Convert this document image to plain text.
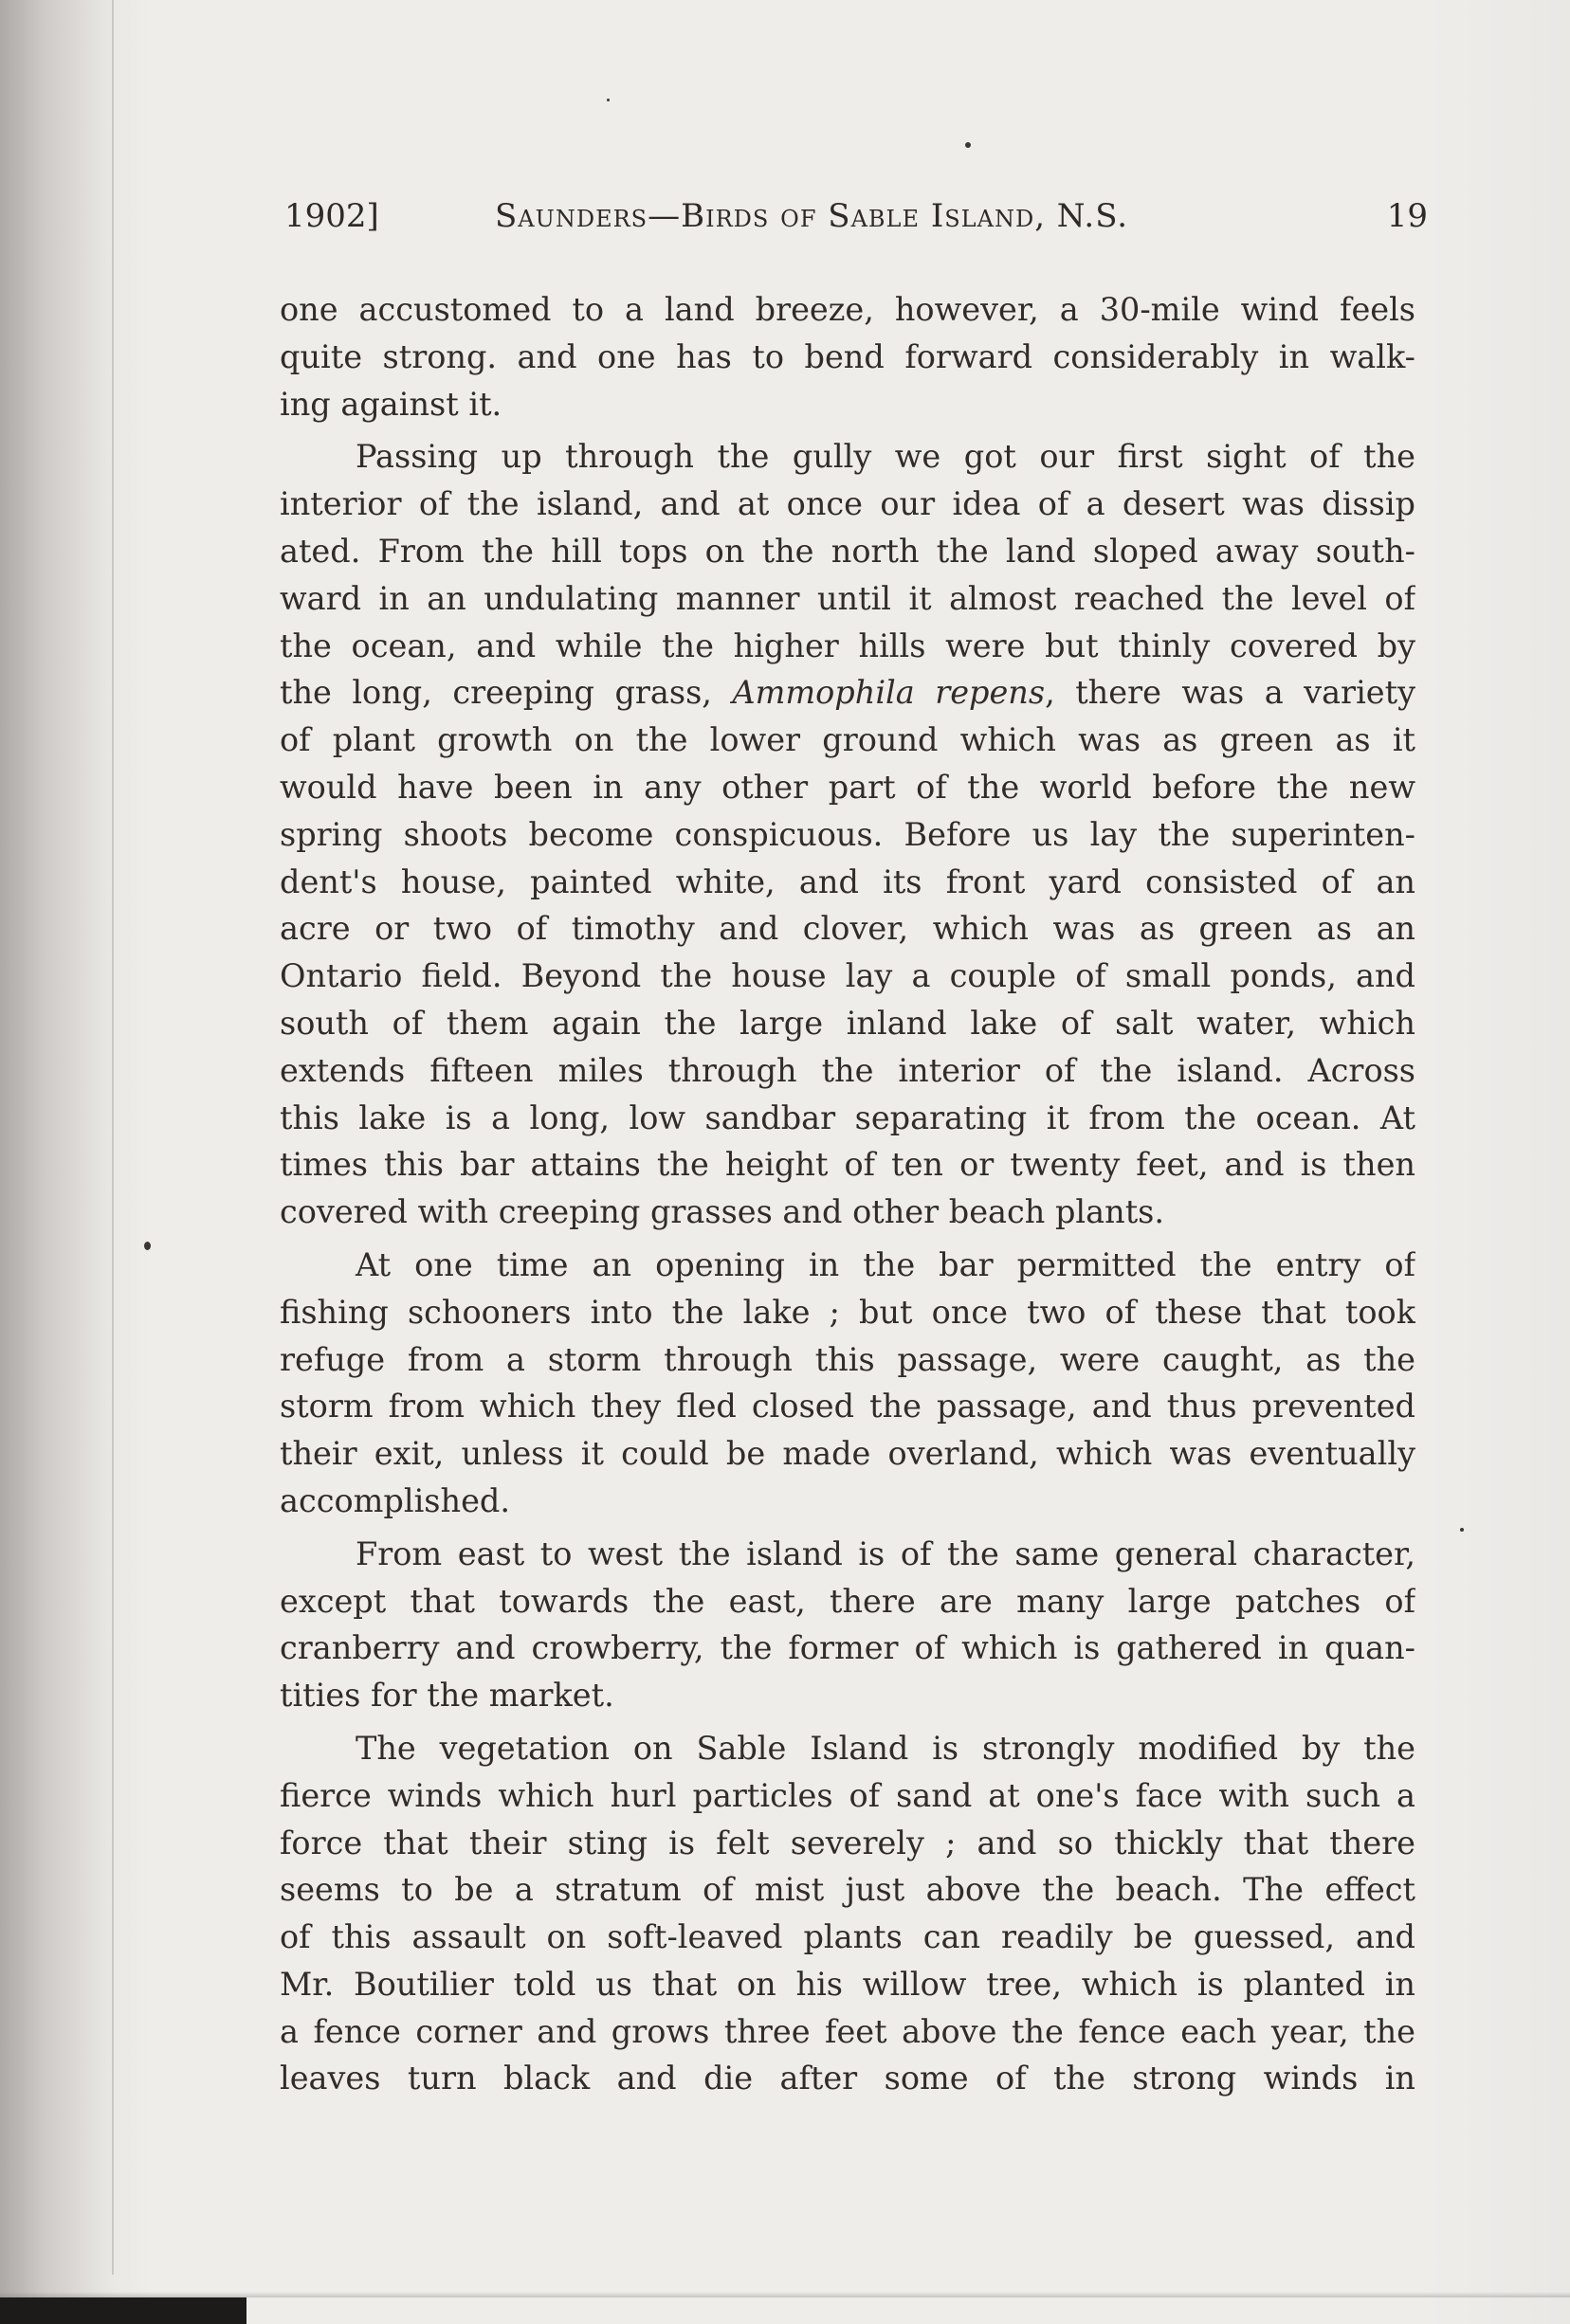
1902]	Saunders—Birds of Sable Island, N.S.	19
one accustomed to a land breeze, however, a 30-mile wind feels
quite strong. and one has to bend forward considerably in walk-
ing against it.
Passing up through the gully we got our first sight of the
interior of the island, and at once our idea of a desert was dissip
ated. From the hill tops on the north the land sloped away south-
ward in an undulating manner until it almost reached the level of
the ocean, and while the higher hills were but thinly covered by
the long, creeping grass, Ammophila repens, there was a variety
of plant growth on the lower ground which was as green as it
would have been in any other part of the world before the new
spring shoots become conspicuous. Before us lay the superinten-
dent's house, painted white, and its front yard consisted of an
acre or two of timothy and clover, which was as green as an
Ontario field. Beyond the house lay a couple of small ponds, and
south of them again the large inland lake of salt water, which
extends fifteen miles through the interior of the island. Across
this lake is a long, low sandbar separating it from the ocean. At
times this bar attains the height of ten or twenty feet, and is then
covered with creeping grasses and other beach plants.
At one time an opening in the bar permitted the entry of
fishing schooners into the lake ; but once two of these that took
refuge from a storm through this passage, were caught, as the
storm from which they fled closed the passage, and thus prevented
their exit, unless it could be made overland, which was eventually
accomplished.
From east to west the island is of the same general character,
except that towards the east, there are many large patches of
cranberry and crowberry, the former of which is gathered in quan-
tities for the market.
The vegetation on Sable Island is strongly modified by the
fierce winds which hurl particles of sand at one's face with such a
force that their sting is felt severely ; and so thickly that there
seems to be a stratum of mist just above the beach. The effect
of this assault on soft-leaved plants can readily be guessed, and
Mr. Boutilier told us that on his willow tree, which is planted in
a fence corner and grows three feet above the fence each year, the
leaves turn black and die after some of the strong winds in
